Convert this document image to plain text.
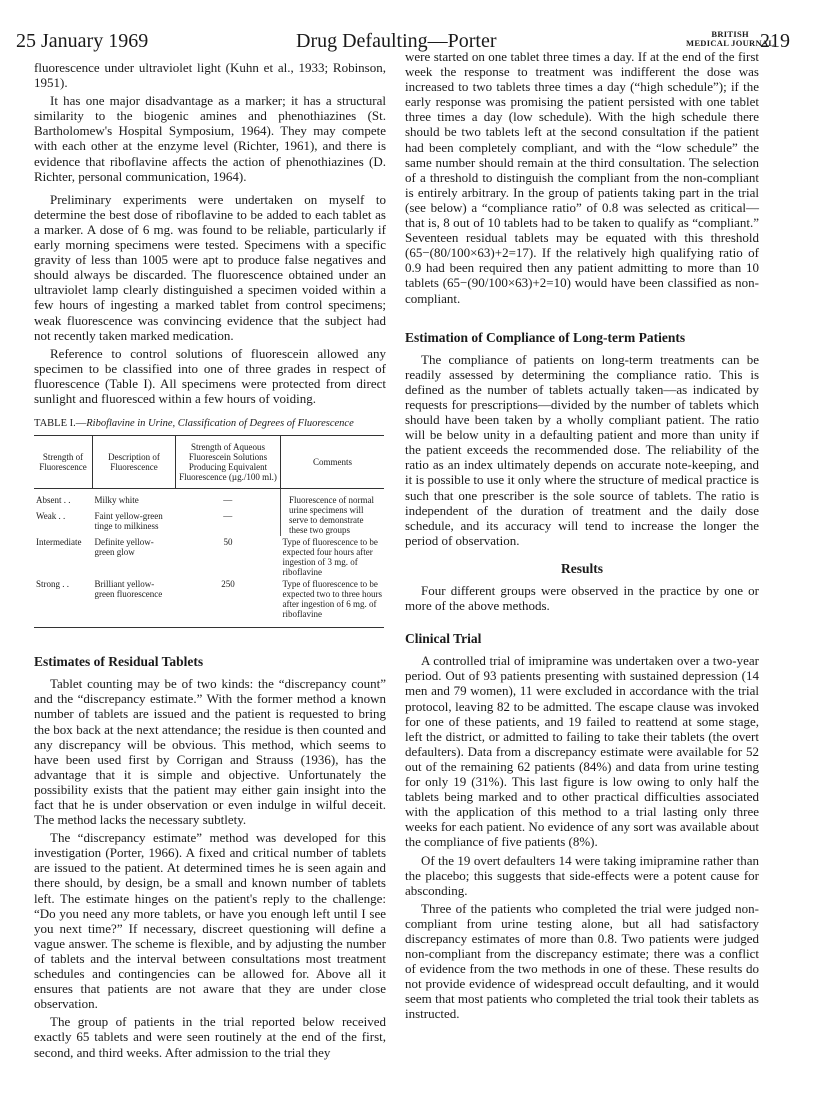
25 January 1969	Drug Defaulting—Porter	BRITISH
MEDICAL JOURNAL
219

fluorescence under ultraviolet light (Kuhn et al., 1933; Robinson, 1951).

It has one major disadvantage as a marker; it has a structural similarity to the biogenic amines and phenothiazines (St. Bartholomew's Hospital Symposium, 1964). They may compete with each other at the enzyme level (Richter, 1961), and there is evidence that riboflavine affects the action of phenothiazines (D. Richter, personal communication, 1964).

Preliminary experiments were undertaken on myself to determine the best dose of riboflavine to be added to each tablet as a marker. A dose of 6 mg. was found to be reliable, particularly if early morning specimens were tested. Specimens with a specific gravity of less than 1005 were apt to produce false negatives and should always be discarded. The fluorescence obtained under an ultraviolet lamp clearly distinguished a specimen voided within a few hours of ingesting a marked tablet from control specimens; weak fluorescence was convincing evidence that the subject had not recently taken marked medication.

Reference to control solutions of fluorescein allowed any specimen to be classified into one of three grades in respect of fluorescence (Table I). All specimens were protected from direct sunlight and fluoresced within a few hours of voiding.

TABLE I.—Riboflavine in Urine, Classification of Degrees of Fluorescence
Strength of Fluorescence	Description of Fluorescence	Strength of Aqueous Fluorescein Solutions Producing Equivalent Fluorescence (µg./100 ml.)	Comments
Absent . .	Milky white	—	Fluorescence of normal urine specimens will serve to demonstrate these two groups
Weak . .	Faint yellow-green tinge to milkiness	—	
Intermediate	Definite yellow-green glow	50	Type of fluorescence to be expected four hours after ingestion of 3 mg. of riboflavine
Strong . .	Brilliant yellow-green fluorescence	250	Type of fluorescence to be expected two to three hours after ingestion of 6 mg. of riboflavine
Estimates of Residual Tablets

Tablet counting may be of two kinds: the “discrepancy count” and the “discrepancy estimate.” With the former method a known number of tablets are issued and the patient is requested to bring the box back at the next attendance; the residue is then counted and any discrepancy will be obvious. This method, which seems to have been used first by Corrigan and Strauss (1936), has the advantage that it is simple and objective. Unfortunately the possibility exists that the patient may either gain insight into the fact that he is under observation or even indulge in wilful deceit. The method lacks the necessary subtlety.

The “discrepancy estimate” method was developed for this investigation (Porter, 1966). A fixed and critical number of tablets are issued to the patient. At determined times he is seen again and there should, by design, be a small and known number of tablets left. The estimate hinges on the patient's reply to the challenge: “Do you need any more tablets, or have you enough left until I see you next time?” If necessary, discreet questioning will define a vague answer. The scheme is flexible, and by adjusting the number of tablets and the interval between consultations most treatment schedules and contingencies can be allowed for. Above all it ensures that patients are not aware that they are under close observation.

The group of patients in the trial reported below received exactly 65 tablets and were seen routinely at the end of the first, second, and third weeks. After admission to the trial they

were started on one tablet three times a day. If at the end of the first week the response to treatment was indifferent the dose was increased to two tablets three times a day (“high schedule”); if the early response was promising the patient persisted with one tablet three times a day (low schedule). With the high schedule there should be two tablets left at the second consultation if the patient had been completely compliant, and with the “low schedule” the same number should remain at the third consultation. The selection of a threshold to distinguish the compliant from the non-compliant is entirely arbitrary. In the group of patients taking part in the trial (see below) a “compliance ratio” of 0.8 was selected as critical—that is, 8 out of 10 tablets had to be taken to qualify as “compliant.” Seventeen residual tablets may be equated with this threshold (65−(80/100×63)+2=17). If the relatively high qualifying ratio of 0.9 had been required then any patient admitting to more than 10 tablets (65−(90/100×63)+2=10) would have been classified as non-compliant.

Estimation of Compliance of Long-term Patients

The compliance of patients on long-term treatments can be readily assessed by determining the compliance ratio. This is defined as the number of tablets actually taken—as indicated by requests for prescriptions—divided by the number of tablets which should have been taken by a wholly compliant patient. The ratio will be below unity in a defaulting patient and more than unity if the patient exceeds the recommended dose. The reliability of the ratio as an index ultimately depends on accurate note-keeping, and it is possible to use it only where the structure of medical practice is such that one prescriber is the sole source of tablets. The ratio is independent of the duration of treatment and the daily dose schedule, and its accuracy will tend to increase the longer the period of observation.

Results

Four different groups were observed in the practice by one or more of the above methods.

Clinical Trial

A controlled trial of imipramine was undertaken over a two-year period. Out of 93 patients presenting with sustained depression (14 men and 79 women), 11 were excluded in accordance with the trial protocol, leaving 82 to be admitted. The escape clause was invoked for one of these patients, and 19 failed to reattend at some stage, left the district, or admitted to failing to take their tablets (the overt defaulters). Data from a discrepancy estimate were available for 52 out of the remaining 62 patients (84%) and data from urine testing for only 19 (31%). This last figure is low owing to only half the tablets being marked and to other practical difficulties associated with the application of this method to a trial lasting only three weeks for each patient. No evidence of any sort was available about the compliance of five patients (8%).

Of the 19 overt defaulters 14 were taking imipramine rather than the placebo; this suggests that side-effects were a potent cause for absconding.

Three of the patients who completed the trial were judged non-compliant from urine testing alone, but all had satisfactory discrepancy estimates of more than 0.8. Two patients were judged non-compliant from the discrepancy estimate; there was a conflict of evidence from the two methods in one of these. These results do not provide evidence of widespread occult defaulting, and it would seem that most patients who completed the trial took their tablets as instructed.
